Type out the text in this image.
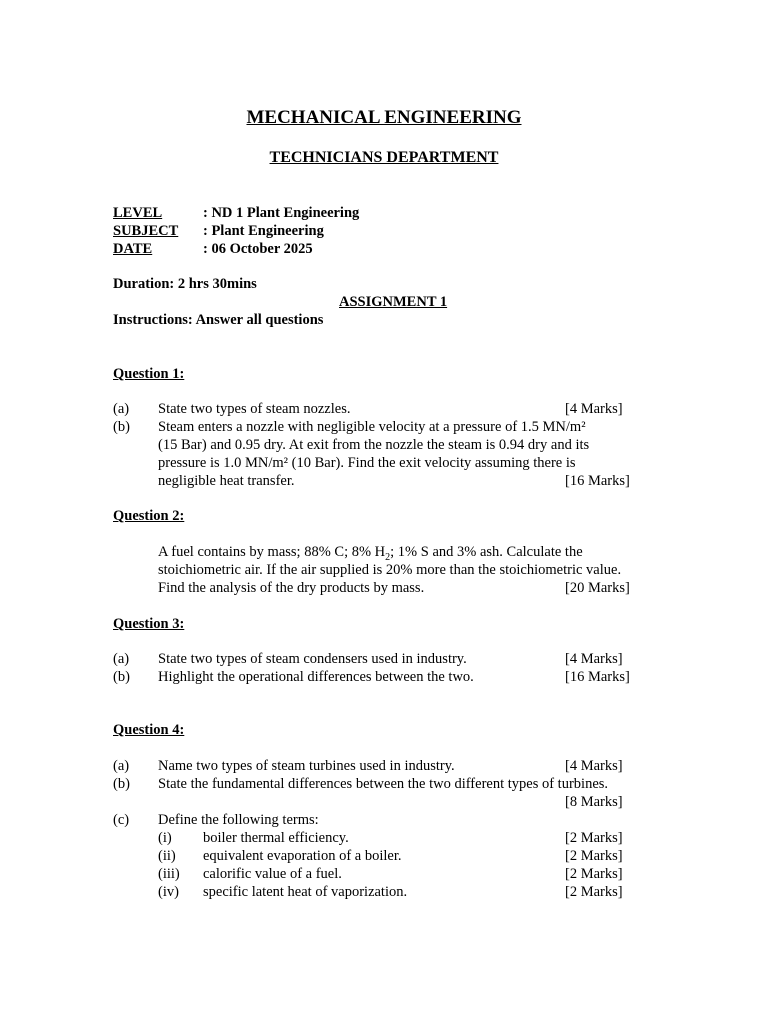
MECHANICAL ENGINEERING
TECHNICIANS DEPARTMENT
LEVEL	: ND 1 Plant Engineering
SUBJECT : Plant Engineering
DATE	: 06 October 2025
Duration: 2 hrs 30mins
ASSIGNMENT 1
Instructions: Answer all questions
Question 1:
(a) State two types of steam nozzles.	[4 Marks]
(b) Steam enters a nozzle with negligible velocity at a pressure of 1.5 MN/m²
(15 Bar) and 0.95 dry. At exit from the nozzle the steam is 0.94 dry and its
pressure is 1.0 MN/m² (10 Bar). Find the exit velocity assuming there is
negligible heat transfer.	[16 Marks]
Question 2:
A fuel contains by mass; 88% C; 8% $H_2$; 1% S and 3% ash. Calculate the
stoichiometric air. If the air supplied is 20% more than the stoichiometric value.
Find the analysis of the dry products by mass.	[20 Marks]
Question 3:
(a) State two types of steam condensers used in industry.	[4 Marks]
(b) Highlight the operational differences between the two.	[16 Marks]
Question 4:
(a) Name two types of steam turbines used in industry.	[4 Marks]
(b) State the fundamental differences between the two different types of turbines.
[8 Marks]
(c) Define the following terms:
(i) boiler thermal efficiency.	[2 Marks]
(ii) equivalent evaporation of a boiler.	[2 Marks]
(iii) calorific value of a fuel.	[2 Marks]
(iv) specific latent heat of vaporization.	[2 Marks]
